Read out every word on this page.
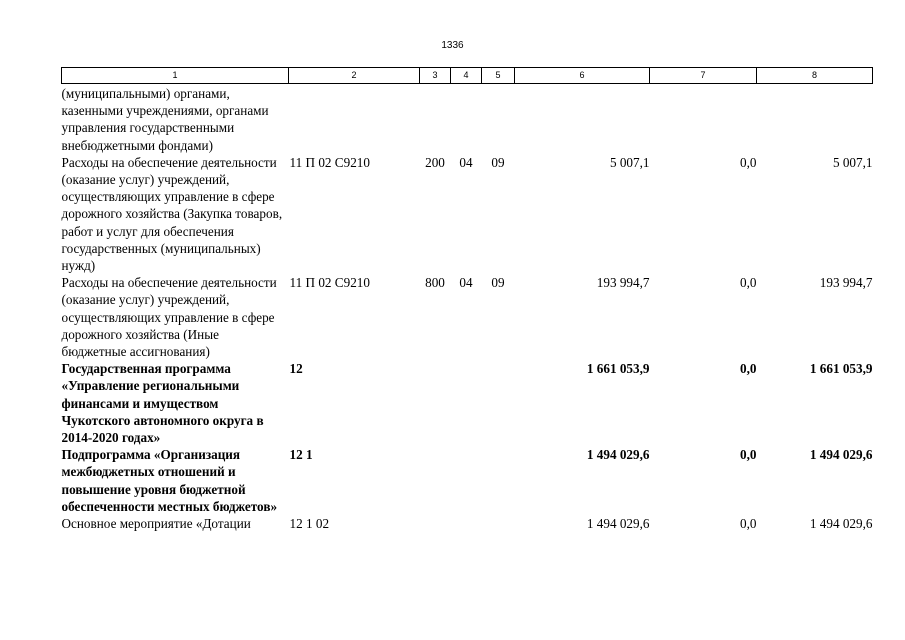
1336
1	2	3	4	5	6	7	8
(муниципальными) органами, казенными учреждениями, органами управления государственными внебюджетными фондами)							
Расходы на обеспечение деятельности (оказание услуг) учреждений, осуществляющих управление в сфере дорожного хозяйства (Закупка товаров, работ и услуг для обеспечения государственных (муниципальных) нужд)	11 П 02 С9210	200	04	09	5 007,1	0,0	5 007,1
Расходы на обеспечение деятельности (оказание услуг) учреждений, осуществляющих управление в сфере дорожного хозяйства (Иные бюджетные ассигнования)	11 П 02 С9210	800	04	09	193 994,7	0,0	193 994,7
Государственная программа «Управление региональными финансами и имуществом Чукотского автономного округа в 2014-2020 годах»	12				1 661 053,9	0,0	1 661 053,9
Подпрограмма «Организация межбюджетных отношений и повышение уровня бюджетной обеспеченности местных бюджетов»	12 1				1 494 029,6	0,0	1 494 029,6
Основное мероприятие «Дотации	12 1 02				1 494 029,6	0,0	1 494 029,6
